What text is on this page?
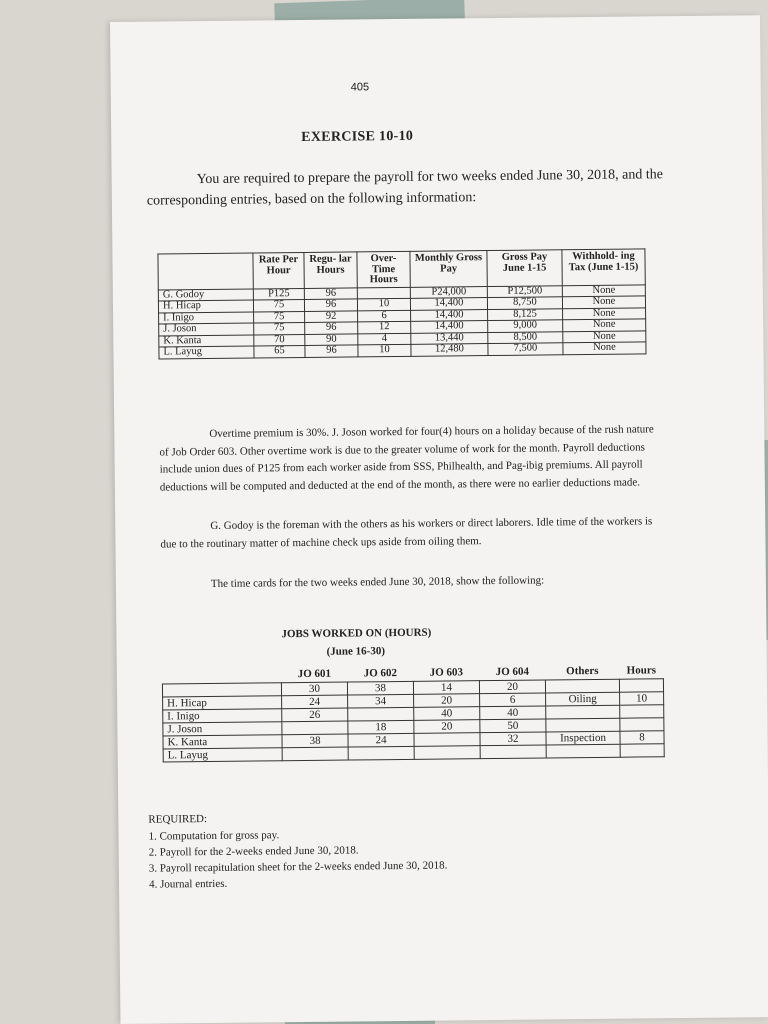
405
EXERCISE 10-10
You are required to prepare the payroll for two weeks ended June 30, 2018, and the corresponding entries, based on the following information:
	Rate Per Hour	Regu- lar Hours	Over- Time Hours	Monthly Gross Pay	Gross Pay June 1-15	Withhold- ing Tax (June 1-15)
G. Godoy	P125	96		P24,000	P12,500	None
H. Hicap	75	96	10	14,400	8,750	None
I. Inigo	75	92	6	14,400	8,125	None
J. Joson	75	96	12	14,400	9,000	None
K. Kanta	70	90	4	13,440	8,500	None
L. Layug	65	96	10	12,480	7,500	None
Overtime premium is 30%. J. Joson worked for four(4) hours on a holiday because of the rush nature of Job Order 603. Other overtime work is due to the greater volume of work for the month. Payroll deductions include union dues of P125 from each worker aside from SSS, Philhealth, and Pag-ibig premiums. All payroll deductions will be computed and deducted at the end of the month, as there were no earlier deductions made.
G. Godoy is the foreman with the others as his workers or direct laborers. Idle time of the workers is due to the routinary matter of machine check ups aside from oiling them.
The time cards for the two weeks ended June 30, 2018, show the following:
JOBS WORKED ON (HOURS)
(June 16-30)
	JO 601	JO 602	JO 603	JO 604	Others	Hours
	30	38	14	20		
H. Hicap	24	34	20	6	Oiling	10
I. Inigo	26		40	40		
J. Joson		18	20	50		
K. Kanta	38	24		32	Inspection	8
L. Layug						
REQUIRED:
1. Computation for gross pay.
2. Payroll for the 2-weeks ended June 30, 2018.
3. Payroll recapitulation sheet for the 2-weeks ended June 30, 2018.
4. Journal entries.
